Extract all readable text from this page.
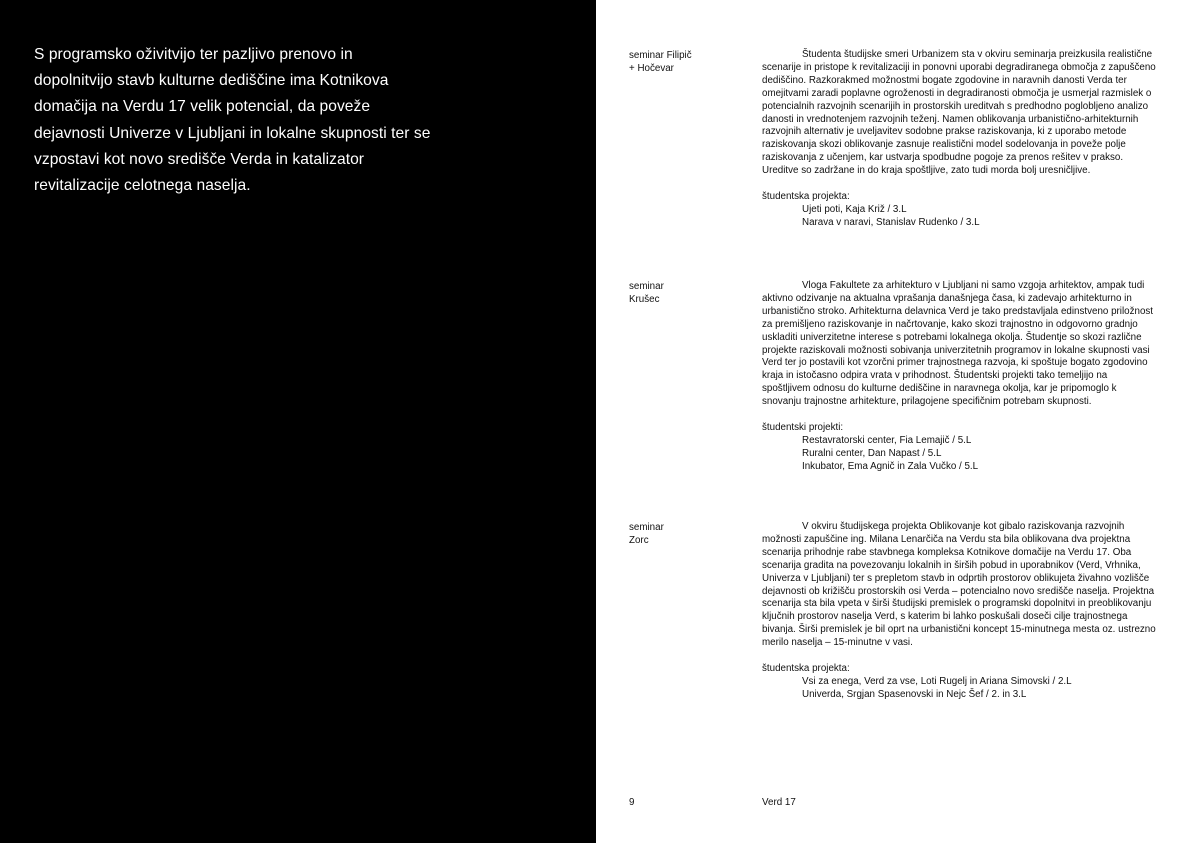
S programsko oživitvijo ter pazljivo prenovo in dopolnitvijo stavb kulturne dediščine ima Kotnikova domačija na Verdu 17 velik potencial, da poveže dejavnosti Univerze v Ljubljani in lokalne skupnosti ter se vzpostavi kot novo središče Verda in katalizator revitalizacije celotnega naselja.

seminar Filipič
+ Hočevar

Študenta študijske smeri Urbanizem sta v okviru seminarja preizkusila realistične scenarije in pristope k revitalizaciji in ponovni uporabi degradiranega območja z zapuščeno dediščino. Razkorakmed možnostmi bogate zgodovine in naravnih danosti Verda ter omejitvami zaradi poplavne ogroženosti in degradiranosti območja je usmerjal razmislek o potencialnih razvojnih scenarijih in prostorskih ureditvah s predhodno poglobljeno analizo danosti in vrednotenjem razvojnih teženj. Namen oblikovanja urbanistično-arhitekturnih razvojnih alternativ je uveljavitev sodobne prakse raziskovanja, ki z uporabo metode raziskovanja skozi oblikovanje zasnuje realistični model sodelovanja in poveže polje raziskovanja z učenjem, kar ustvarja spodbudne pogoje za prenos rešitev v prakso. Ureditve so zadržane in do kraja spoštljive, zato tudi morda bolj uresničljive.

študentska projekta:
Ujeti poti, Kaja Križ / 3.L
Narava v naravi, Stanislav Rudenko / 3.L
seminar
Krušec

Vloga Fakultete za arhitekturo v Ljubljani ni samo vzgoja arhitektov, ampak tudi aktivno odzivanje na aktualna vprašanja današnjega časa, ki zadevajo arhitekturno in urbanistično stroko. Arhitekturna delavnica Verd je tako predstavljala edinstveno priložnost za premišljeno raziskovanje in načrtovanje, kako skozi trajnostno in odgovorno gradnjo uskladiti univerzitetne interese s potrebami lokalnega okolja. Študentje so skozi različne projekte raziskovali možnosti sobivanja univerzitetnih programov in lokalne skupnosti vasi Verd ter jo postavili kot vzorčni primer trajnostnega razvoja, ki spoštuje bogato zgodovino kraja in istočasno odpira vrata v prihodnost. Študentski projekti tako temeljijo na spoštljivem odnosu do kulturne dediščine in naravnega okolja, kar je pripomoglo k snovanju trajnostne arhitekture, prilagojene specifičnim potrebam skupnosti.

študentski projekti:
Restavratorski center, Fia Lemajič / 5.L
Ruralni center, Dan Napast / 5.L
Inkubator, Ema Agnič in Zala Vučko / 5.L
seminar
Zorc

V okviru študijskega projekta Oblikovanje kot gibalo raziskovanja razvojnih možnosti zapuščine ing. Milana Lenarčiča na Verdu sta bila oblikovana dva projektna scenarija prihodnje rabe stavbnega kompleksa Kotnikove domačije na Verdu 17. Oba scenarija gradita na povezovanju lokalnih in širših pobud in uporabnikov (Verd, Vrhnika, Univerza v Ljubljani) ter s prepletom stavb in odprtih prostorov oblikujeta živahno vozlišče dejavnosti ob križišču prostorskih osi Verda – potencialno novo središče naselja. Projektna scenarija sta bila vpeta v širši študijski premislek o programski dopolnitvi in preoblikovanju ključnih prostorov naselja Verd, s katerim bi lahko poskušali doseči cilje trajnostnega bivanja. Širši premislek je bil oprt na urbanistični koncept 15-minutnega mesta oz. ustrezno merilo naselja – 15-minutne v vasi.

študentska projekta:
Vsi za enega, Verd za vse, Loti Rugelj in Ariana Simovski / 2.L
Univerda, Srgjan Spasenovski in Nejc Šef / 2. in 3.L
9	Verd 17
